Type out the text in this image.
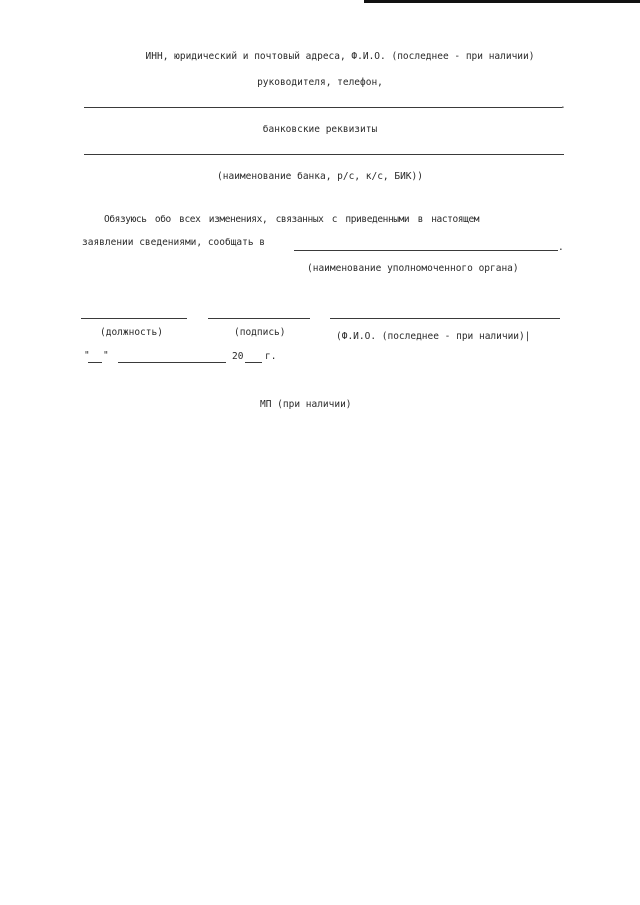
ИНН, юридический и почтовый адреса, Ф.И.О. (последнее - при наличии)
руководителя, телефон,
.
банковские реквизиты
(наименование банка, р/с, к/с, БИК))
Обязуюсь обо всех изменениях, связанных с приведенными в настоящем
заявлении сведениями, сообщать в	.
(наименование уполномоченного органа)
(должность)	(подпись)	(Ф.И.О. (последнее - при наличии)|
" "	20 г.
МП (при наличии)
